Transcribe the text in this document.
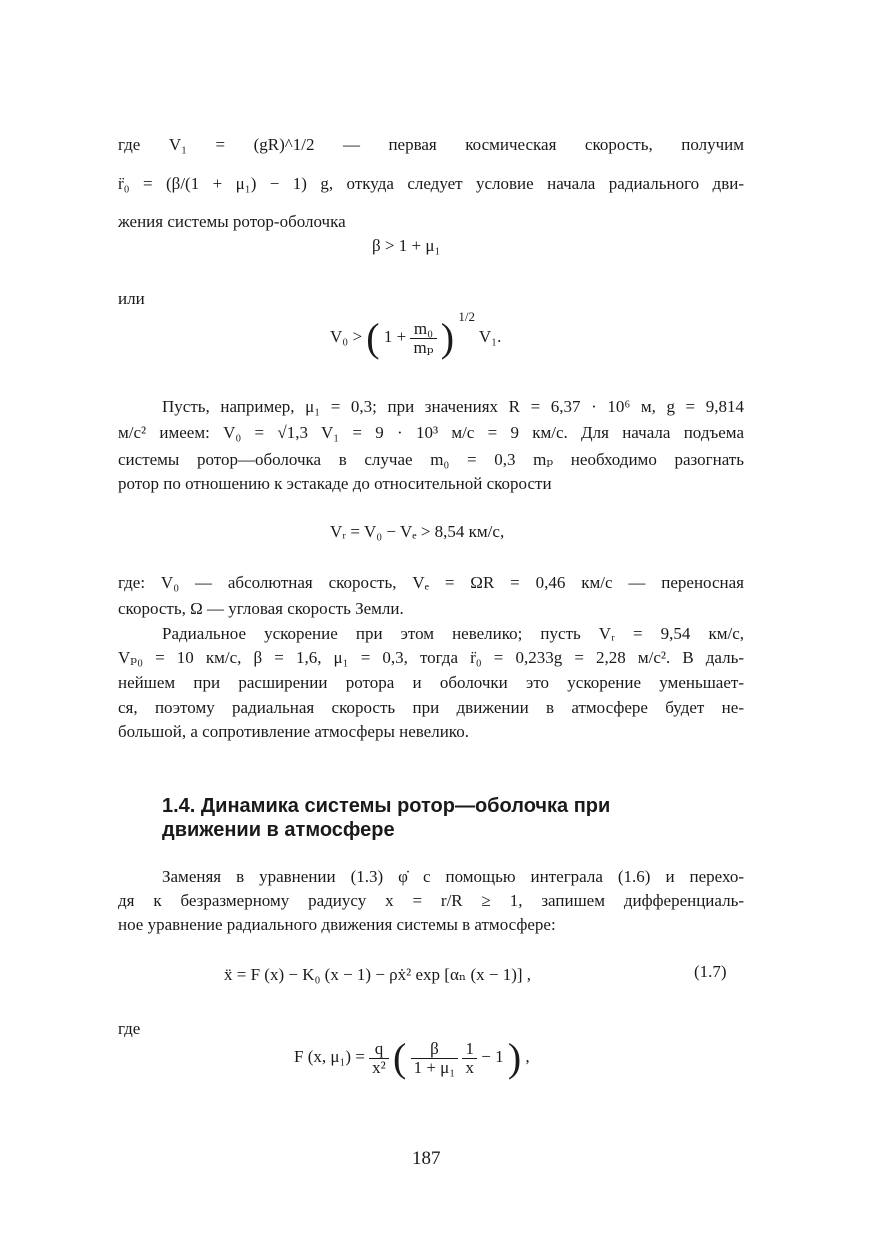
где V₁ = (gR)^1/2 — первая космическая скорость, получим
r̈₀ = (β/(1 + μ₁) − 1) g, откуда следует условие начала радиального дви-
жения системы ротор-оболочка
β > 1 + μ₁
или
V₀ > ( $1 + \frac{\text{m₀}}{\text{mₚ}}$ ) $^{1/2}$ V₁.
Пусть, например, μ₁ = 0,3; при значениях R = 6,37 · 10⁶ м, g = 9,814
м/с² имеем: V₀ = √1,3 V₁ = 9 · 10³ м/с = 9 км/с. Для начала подъема
системы ротор—оболочка в случае m₀ = 0,3 mₚ необходимо разогнать
ротор по отношению к эстакаде до относительной скорости
Vᵣ = V₀ − Vₑ > 8,54 км/с,
где: V₀ — абсолютная скорость, Vₑ = ΩR = 0,46 км/с — переносная
скорость, Ω — угловая скорость Земли.
Радиальное ускорение при этом невелико; пусть Vᵣ = 9,54 км/с,
Vₚ₀ = 10 км/с, β = 1,6, μ₁ = 0,3, тогда r̈₀ = 0,233g = 2,28 м/с². В даль-
нейшем при расширении ротора и оболочки это ускорение уменьшает-
ся, поэтому радиальная скорость при движении в атмосфере будет не-
большой, а сопротивление атмосферы невелико.
1.4. Динамика системы ротор—оболочка при
движении в атмосфере
Заменяя в уравнении (1.3) φ̇ с помощью интеграла (1.6) и перехо-
дя к безразмерному радиусу x = r/R ≥ 1, запишем дифференциаль-
ное уравнение радиального движения системы в атмосфере:
ẍ = F (x) − K₀ (x − 1) − ρẋ² exp [αₙ (x − 1)] ,	(1.7)
где
F (x, $\mu_1) = \frac{q}{\text{x²}}$ ( $\frac{\beta}{\text{1 + μ₁}}$
$\frac{1}{x} - 1$ ) ,
187
